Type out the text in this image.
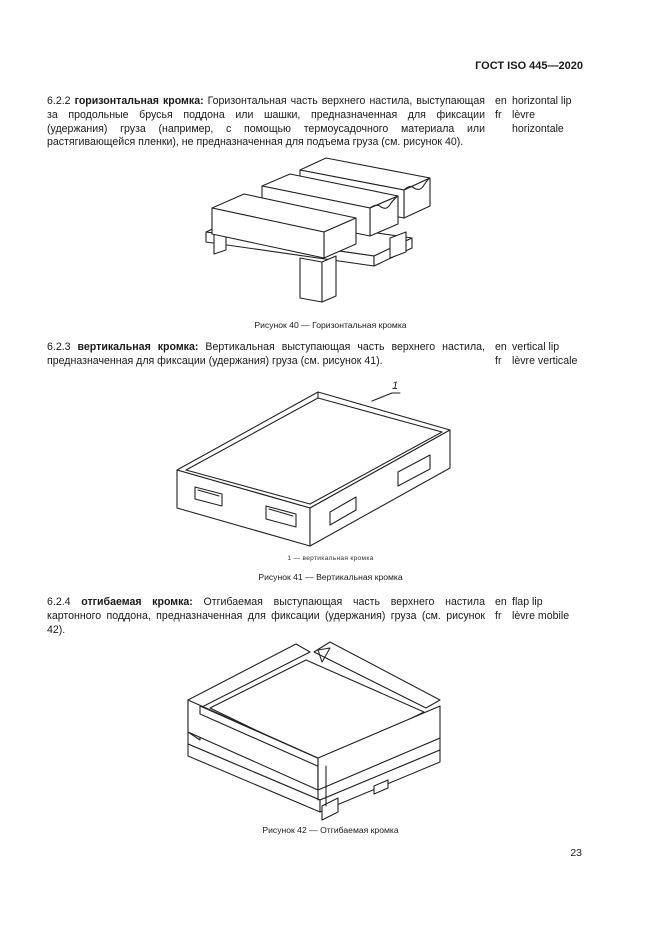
ГОСТ ISO 445—2020
6.2.2 горизонтальная кромка: Горизонтальная часть верхнего настила, выступающая за продольные брусья поддона или шашки, предназначенная для фиксации (удержания) груза (например, с помощью термоусадочного материала или растягивающейся пленки), не предназначенная для подъема груза (см. рисунок 40).
en horizontal lip
fr lèvre
horizontale
Рисунок 40 — Горизонтальная кромка
6.2.3 вертикальная кромка: Вертикальная выступающая часть верхнего настила, предназначенная для фиксации (удержания) груза (см. рисунок 41).
en vertical lip
fr lèvre verticale
1
1 — вертикальная кромка
Рисунок 41 — Вертикальная кромка
6.2.4 отгибаемая кромка: Отгибаемая выступающая часть верхнего настила картонного поддона, предназначенная для фиксации (удержания) груза (см. рисунок 42).
en flap lip
fr lèvre mobile
Рисунок 42 — Отгибаемая кромка
23
